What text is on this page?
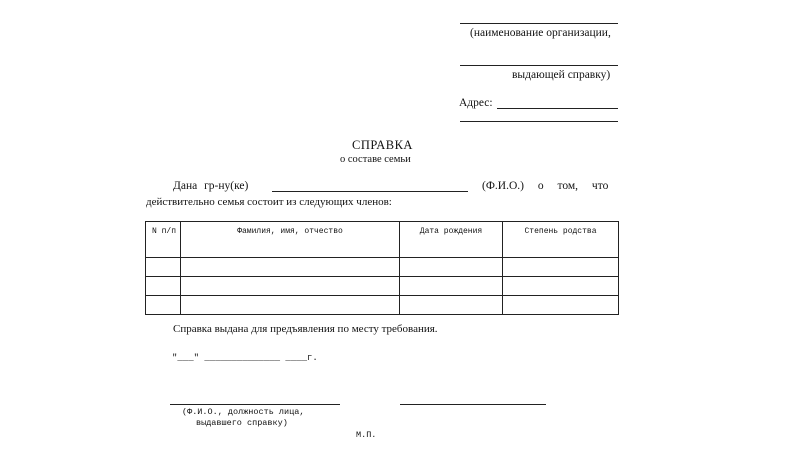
(наименование организации,
выдающей справку)
Адрес:
СПРАВКА
о составе семьи
Дана гр-ну(ке)	(Ф.И.О.) о том, что
действительно семья состоит из следующих членов:
N п/п	Фамилия, имя, отчество	Дата рождения	Степень родства

Справка выдана для предъявления по месту требования.
"___" ______________ ____г.
(Ф.И.О., должность лица,
выдавшего справку)
М.П.
